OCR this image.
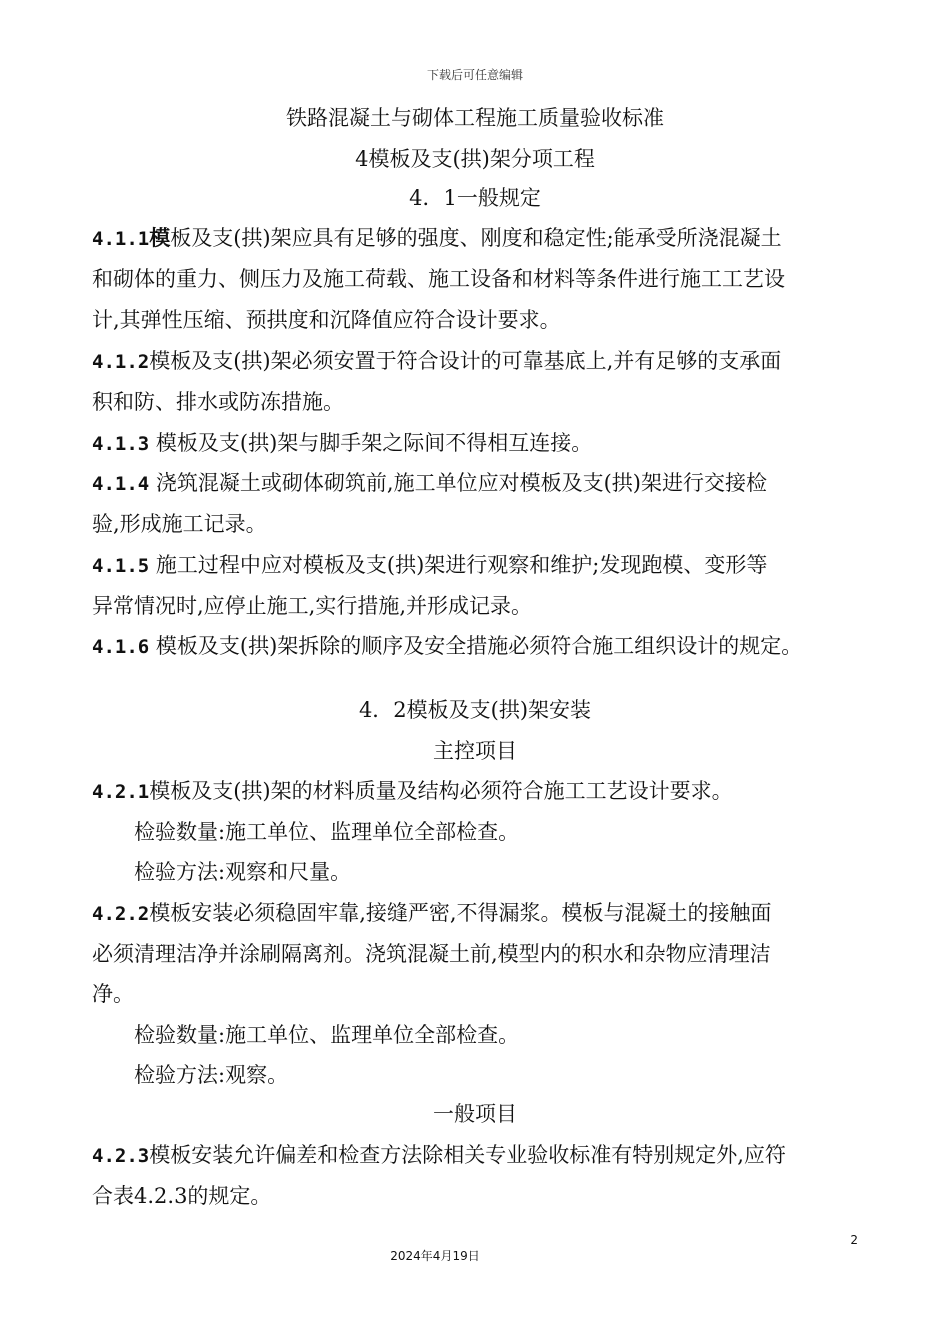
下载后可任意编辑
铁路混凝土与砌体工程施工质量验收标准
4模板及支(拱)架分项工程
4．1一般规定
4.1.1模板及支(拱)架应具有足够的强度、刚度和稳定性;能承受所浇混凝土
和砌体的重力、侧压力及施工荷载、施工设备和材料等条件进行施工工艺设
计,其弹性压缩、预拱度和沉降值应符合设计要求。
4.1.2模板及支(拱)架必须安置于符合设计的可靠基底上,并有足够的支承面
积和防、排水或防冻措施。
4.1.3 模板及支(拱)架与脚手架之际间不得相互连接。
4.1.4 浇筑混凝土或砌体砌筑前,施工单位应对模板及支(拱)架进行交接检
验,形成施工记录。
4.1.5 施工过程中应对模板及支(拱)架进行观察和维护;发现跑模、变形等
异常情况时,应停止施工,实行措施,并形成记录。
4.1.6 模板及支(拱)架拆除的顺序及安全措施必须符合施工组织设计的规定。
4．2模板及支(拱)架安装
主控项目
4.2.1模板及支(拱)架的材料质量及结构必须符合施工工艺设计要求。
检验数量:施工单位、监理单位全部检查。
检验方法:观察和尺量。
4.2.2模板安装必须稳固牢靠,接缝严密,不得漏浆。模板与混凝土的接触面
必须清理洁净并涂刷隔离剂。浇筑混凝土前,模型内的积水和杂物应清理洁
净。
检验数量:施工单位、监理单位全部检查。
检验方法:观察。
一般项目
4.2.3模板安装允许偏差和检查方法除相关专业验收标准有特别规定外,应符
合表4.2.3的规定。
2
2024年4月19日
